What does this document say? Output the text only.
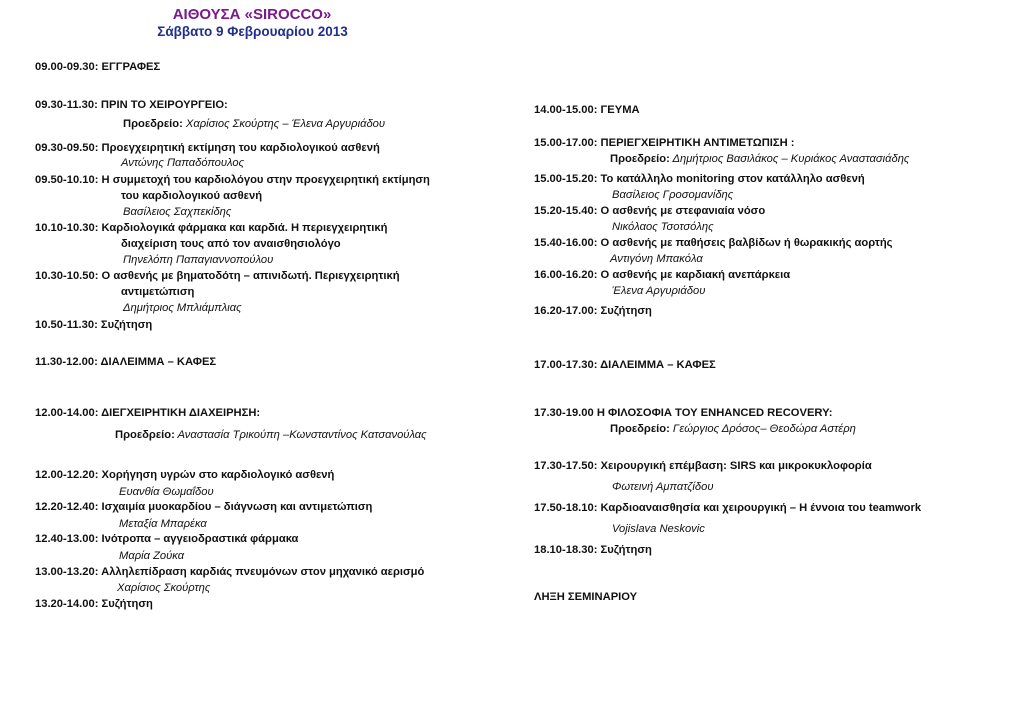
ΑΙΘΟΥΣΑ «SIROCCO»
Σάββατο 9 Φεβρουαρίου 2013
09.00-09.30: ΕΓΓΡΑΦΕΣ
09.30-11.30: ΠΡΙΝ ΤΟ ΧΕΙΡΟΥΡΓΕΙΟ:
Προεδρείο: Χαρίσιος Σκούρτης – Έλενα Αργυριάδου
09.30-09.50: Προεγχειρητική εκτίμηση του καρδιολογικού ασθενή
Αντώνης Παπαδόπουλος
09.50-10.10: Η συμμετοχή του καρδιολόγου στην προεγχειρητική εκτίμηση
του καρδιολογικού ασθενή
Βασίλειος Σαχπεκίδης
10.10-10.30: Καρδιολογικά φάρμακα και καρδιά. Η περιεγχειρητική
διαχείριση τους από τον αναισθησιολόγο
Πηνελόπη Παπαγιαννοπούλου
10.30-10.50: Ο ασθενής με βηματοδότη – απινιδωτή. Περιεγχειρητική
αντιμετώπιση
Δημήτριος Μπλιάμπλιας
10.50-11.30: Συζήτηση
11.30-12.00: ΔΙΑΛΕΙΜΜΑ – ΚΑΦΕΣ
12.00-14.00: ΔΙΕΓΧΕΙΡΗΤΙΚΗ ΔΙΑΧΕΙΡΗΣΗ:
Προεδρείο: Αναστασία Τρικούπη –Κωνσταντίνος Κατσανούλας
12.00-12.20: Χορήγηση υγρών στο καρδιολογικό ασθενή
Ευανθία Θωμαΐδου
12.20-12.40: Ισχαιμία μυοκαρδίου – διάγνωση και αντιμετώπιση
Μεταξία Μπαρέκα
12.40-13.00: Ινότροπα – αγγειοδραστικά φάρμακα
Μαρία Ζούκα
13.00-13.20: Αλληλεπίδραση καρδιάς πνευμόνων στον μηχανικό αερισμό
Χαρίσιος Σκούρτης
13.20-14.00: Συζήτηση
14.00-15.00: ΓΕΥΜΑ
15.00-17.00: ΠΕΡΙΕΓΧΕΙΡΗΤΙΚΗ ΑΝΤΙΜΕΤΩΠΙΣΗ :
Προεδρείο: Δημήτριος Βασιλάκος – Κυριάκος Αναστασιάδης
15.00-15.20: Το κατάλληλο monitoring στον κατάλληλο ασθενή
Βασίλειος Γροσομανίδης
15.20-15.40: Ο ασθενής με στεφανιαία νόσο
Νικόλαος Τσοτσόλης
15.40-16.00: Ο ασθενής με παθήσεις βαλβίδων ή θωρακικής αορτής
Αντιγόνη Μπακόλα
16.00-16.20: Ο ασθενής με καρδιακή ανεπάρκεια
Έλενα Αργυριάδου
16.20-17.00: Συζήτηση
17.00-17.30: ΔΙΑΛΕΙΜΜΑ – ΚΑΦΕΣ
17.30-19.00 Η ΦΙΛΟΣΟΦΙΑ ΤΟΥ ENHANCED RECOVERY:
Προεδρείο: Γεώργιος Δρόσος– Θεοδώρα Αστέρη
17.30-17.50: Χειρουργική επέμβαση: SIRS και μικροκυκλοφορία
Φωτεινή Αμπατζίδου
17.50-18.10: Καρδιοαναισθησία και χειρουργική – Η έννοια του teamwork
Vojislava Neskovic
18.10-18.30: Συζήτηση
ΛΗΞΗ ΣΕΜΙΝΑΡΙΟΥ
